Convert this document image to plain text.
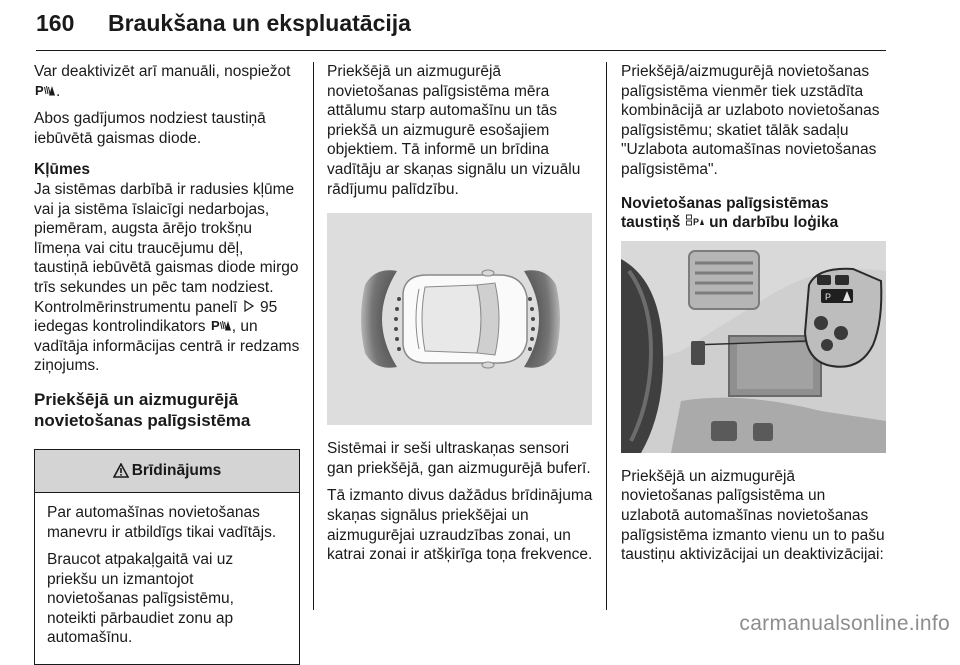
160 Braukšana un ekspluatācija

Var deaktivizēt arī manuāli, nospiežot
P .

Abos gadījumos nodziest taustiņā iebūvētā gaismas diode.

Kļūmes

Ja sistēmas darbībā ir radusies kļūme vai ja sistēma īslaicīgi nedarbojas, piemēram, augsta ārējo trokšņu līmeņa vai citu traucējumu dēļ, taustiņā iebūvētā gaismas diode mirgo trīs sekundes un pēc tam nodziest. Kontrolmērinstrumentu panelī 95 iedegas kontrolindikators P , un vadītāja informācijas centrā ir redzams ziņojums.

Priekšējā un aizmugurējā novietošanas palīgsistēma
Brīdinājums

Par automašīnas novietošanas manevru ir atbildīgs tikai vadītājs.

Braucot atpakaļgaitā vai uz priekšu un izmantojot novietošanas palīgsistēmu, noteikti pārbaudiet zonu ap automašīnu.

Priekšējā un aizmugurējā novietošanas palīgsistēma mēra attālumu starp automašīnu un tās priekšā un aizmugurē esošajiem objektiem. Tā informē un brīdina vadītāju ar skaņas signālu un vizuālu rādījumu palīdzību.

Sistēmai ir seši ultraskaņas sensori gan priekšējā, gan aizmugurējā buferī.

Tā izmanto divus dažādus brīdinājuma skaņas signālus priekšējai un aizmugurējai uzraudzības zonai, un katrai zonai ir atšķirīga toņa frekvence.

Priekšējā/aizmugurējā novietošanas palīgsistēma vienmēr tiek uzstādīta kombinācijā ar uzlaboto novietošanas palīgsistēmu; skatiet tālāk sadaļu "Uzlabota automašīnas novietošanas palīgsistēma".

Novietošanas palīgsistēmas taustiņš P un darbību loģika
P

Priekšējā un aizmugurējā novietošanas palīgsistēma un uzlabotā automašīnas novietošanas palīgsistēma izmanto vienu un to pašu taustiņu aktivizācijai un deaktivizācijai:

carmanualsonline.info
